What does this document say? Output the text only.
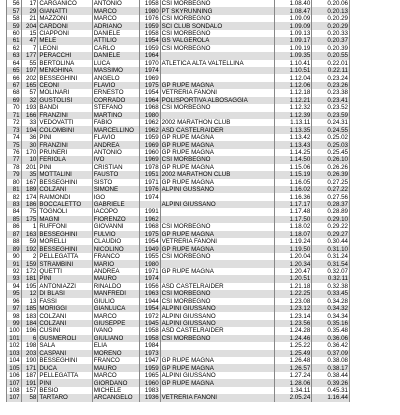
56	17	CARGANICO	ANTONIO	1958	CSI MORBEGNO	1.08.40	0.20.06
57	29	GIANATTI	MARCO	1980	PT SKYRUNNING	1.08.47	0.20.13
58	21	MAZZONI	MARCO	1976	CSI MORBEGNO	1.09.09	0.20.29
59	204	CARDONI	ADRIANO	1959	SCI CLUB SONDALO	1.09.09	0.20.29
60	15	CIAPPONI	DANIELE	1958	CSI MORBEGNO	1.09.13	0.20.33
61	47	MELE	ATTILIO	1954	GS VALGEROLA	1.09.17	0.20.37
62	7	LEONI	CARLO	1959	CSI MORBEGNO	1.09.19	0.20.39
63	177	PERACCHI	DANIELE	1964		1.09.35	0.20.55
64	55	BERTOLINA	LUCA	1970	ATLETICA ALTA VALTELLINA	1.10.41	0.22.01
65	197	MENGHINA	MASSIMO	1974		1.10.51	0.22.11
66	202	BESSEGHINI	ANGELO	1969		1.12.04	0.23.24
67	165	CEONI	FLAVIO	1975	GP RUPE MAGNA	1.12.06	0.23.26
68	57	MOLINARI	ERNESTO	1954	VETRERIA FANONI	1.12.18	0.23.38
69	32	GUSTOLISI	CORRADO	1964	POLISPORTIVA ALBOSAGGIA	1.12.21	0.23.41
70	193	BANDI	STEFANO	1968	CSI MORBEGNO	1.12.32	0.23.52
71	166	FRANZINI	MARTINO	1980		1.12.39	0.23.59
72	33	VEDOVATTI	FABIO	1962	2002 MARATHON CLUB	1.13.11	0.24.31
73	194	COLOMBINI	MARCELLINO	1962	ASD CASTELRAIDER	1.13.35	0.24.55
74	36	PINI	FLAVIO	1959	GP RUPE MAGNA	1.13.42	0.25.02
75	30	FRANZINI	ANDREA	1969	GP RUPE MAGNA	1.13.43	0.25.03
76	170	PRUNERI	ANTONIO	1960	GP RUPE MAGNA	1.14.25	0.25.45
77	10	FERIOLA	IVO	1969	CSI MORBEGNO	1.14.50	0.26.10
78	201	PINI	CRISTIAN	1978	GP RUPE MAGNA	1.15.06	0.26.26
79	35	MOTTALINI	FAUSTO	1951	2002 MARATHON CLUB	1.15.19	0.26.39
80	167	BESSEGHINI	SISTO	1971	GP RUPE MAGNA	1.16.05	0.27.25
81	189	COLZANI	SIMONE	1976	ALPINI GUSSANO	1.16.02	0.27.22
82	174	RAIMONDI	IGO	1974		1.16.36	0.27.56
83	186	BOCCALETTO	GABRIELE		ALPINI GIUSSANO	1.17.17	0.28.37
84	75	TOGNOLI	IACOPO	1991		1.17.48	0.28.89
85	175	MAGNI	FIORENZO	1962		1.17.50	0.29.10
86	1	RUFFONI	GIOVANNI	1968	CSI MORBEGNO	1.18.02	0.29.22
87	163	BESSEGHINI	FULVIO	1975	GP RUPE MAGNA	1.18.07	0.29.27
88	59	MORELLI	CLAUDIO	1954	VETRERIA FANONI	1.19.24	0.30.44
89	192	BESSEGHINI	NICOLINO	1949	GP RUPE MAGNA	1.19.50	0.31.10
90	2	PELLEGATTA	FRANCO	1955	CSI MORBEGNO	1.20.04	0.31.24
91	159	STRAMBINI	MARIO	1980		1.20.34	0.31.54
92	172	QUETTI	ANDREA	1971	GP RUPE MAGNA	1.20.47	0.32.07
93	181	PINI	MAURO	1974		1.20.51	0.32.11
94	195	ANTONIAZZI	RINALDO	1956	ASD CASTELRAIDER	1.21.18	0.32.38
95	12	DI BLASI	MANFREDI	1963	CSI MORBEGNO	1.22.25	0.33.45
96	13	FASSI	GIULIO	1944	CSI MORBEGNO	1.23.08	0.34.28
97	185	MORIGGI	GIANLUCA	1954	ALPINI GIUSSANO	1.23.12	0.34.32
98	183	COLZANI	MARCO	1972	ALPINI GIUSSANO	1.23.14	0.34.34
99	184	COLZANI	GIUSEPPE	1945	ALPINI GIUSSANO	1.23.56	0.35.16
100	196	CUSINI	IVANO	1958	ASD CASTELRAIDER	1.24.28	0.35.48
101	6	GUSMEROLI	GIULIANO	1958	CSI MORBEGNO	1.24.46	0.36.06
102	198	SALA	ELIA	1984		1.25.22	0.36.42
103	203	CASPANI	MORENO	1973		1.25.49	0.37.09
104	190	BESSEGHINI	FRANCO	1947	GP RUPE MAGNA	1.26.48	0.38.08
105	171	DUCA	MAURO	1959	GP RUPE MAGNA	1.26.57	0.38.17
106	187	PELLEGATTA	MARCO	1965	ALPINI GIUSSANO	1.27.24	0.38.44
107	191	PINI	GIORDANO	1960	GP RUPE MAGNA	1.28.06	0.39.26
108	157	BESIO	MICHELE	1983		1.34.11	0.45.31
107	58	TARTARO	ARCANGELO	1936	VETRERIA FANONI	2.05.24	1.16.44
